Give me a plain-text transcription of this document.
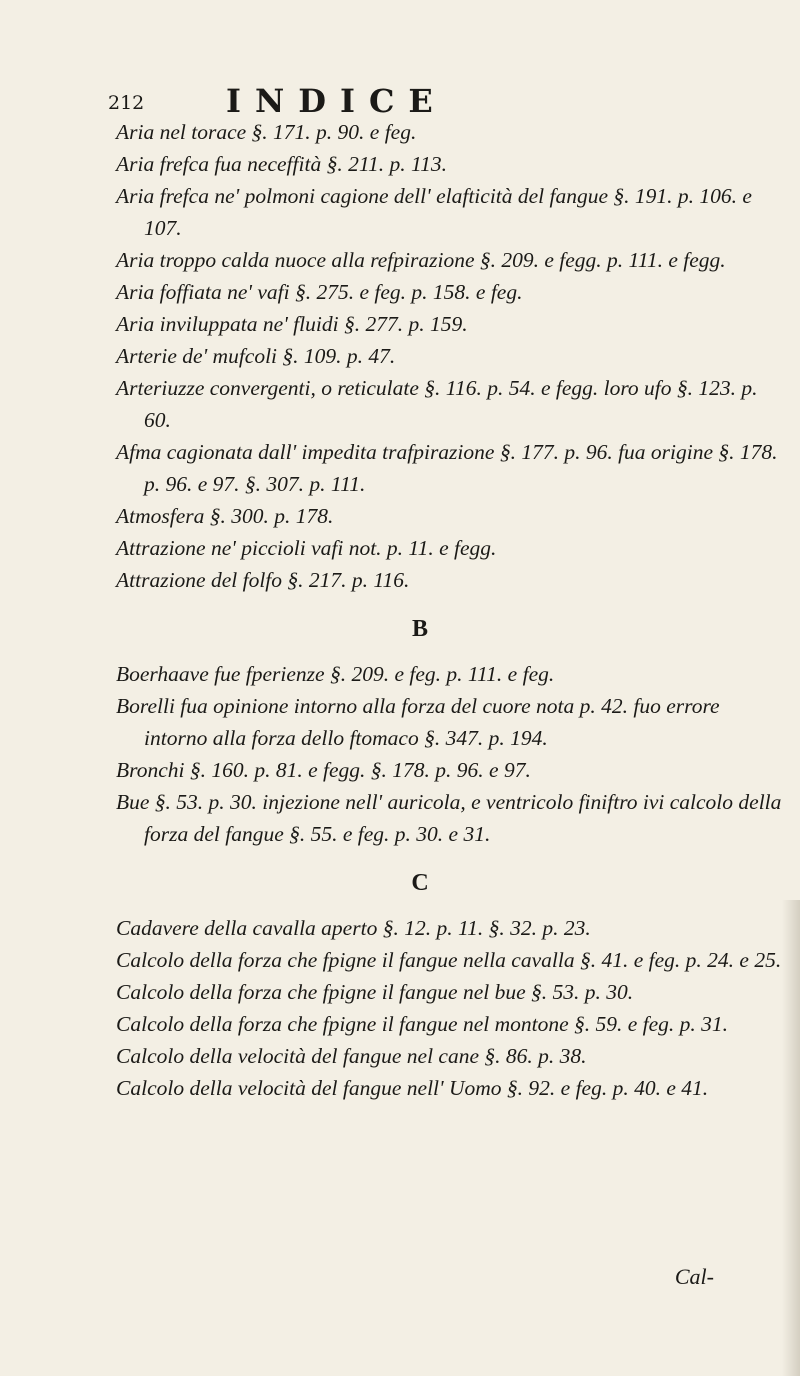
212	INDICE

Aria nel torace §. 171. p. 90. e feg.

Aria frefca fua neceffità §. 211. p. 113.

Aria frefca ne' polmoni cagione dell' elafticità del fangue §. 191. p. 106. e 107.

Aria troppo calda nuoce alla refpirazione §. 209. e fegg. p. 111. e fegg.

Aria foffiata ne' vafi §. 275. e feg. p. 158. e feg.

Aria inviluppata ne' fluidi §. 277. p. 159.

Arterie de' mufcoli §. 109. p. 47.

Arteriuzze convergenti, o reticulate §. 116. p. 54. e fegg. loro ufo §. 123. p. 60.

Afma cagionata dall' impedita trafpirazione §. 177. p. 96. fua origine §. 178. p. 96. e 97. §. 307. p. 111.

Atmosfera §. 300. p. 178.

Attrazione ne' piccioli vafi not. p. 11. e fegg.

Attrazione del folfo §. 217. p. 116.

B

Boerhaave fue fperienze §. 209. e feg. p. 111. e feg.

Borelli fua opinione intorno alla forza del cuore nota p. 42. fuo errore intorno alla forza dello ftomaco §. 347. p. 194.

Bronchi §. 160. p. 81. e fegg. §. 178. p. 96. e 97.

Bue §. 53. p. 30. injezione nell' auricola, e ventricolo finiftro ivi calcolo della forza del fangue §. 55. e feg. p. 30. e 31.

C

Cadavere della cavalla aperto §. 12. p. 11. §. 32. p. 23.

Calcolo della forza che fpigne il fangue nella cavalla §. 41. e feg. p. 24. e 25.

Calcolo della forza che fpigne il fangue nel bue §. 53. p. 30.

Calcolo della forza che fpigne il fangue nel montone §. 59. e feg. p. 31.

Calcolo della velocità del fangue nel cane §. 86. p. 38.

Calcolo della velocità del fangue nell' Uomo §. 92. e feg. p. 40. e 41.

Cal-
